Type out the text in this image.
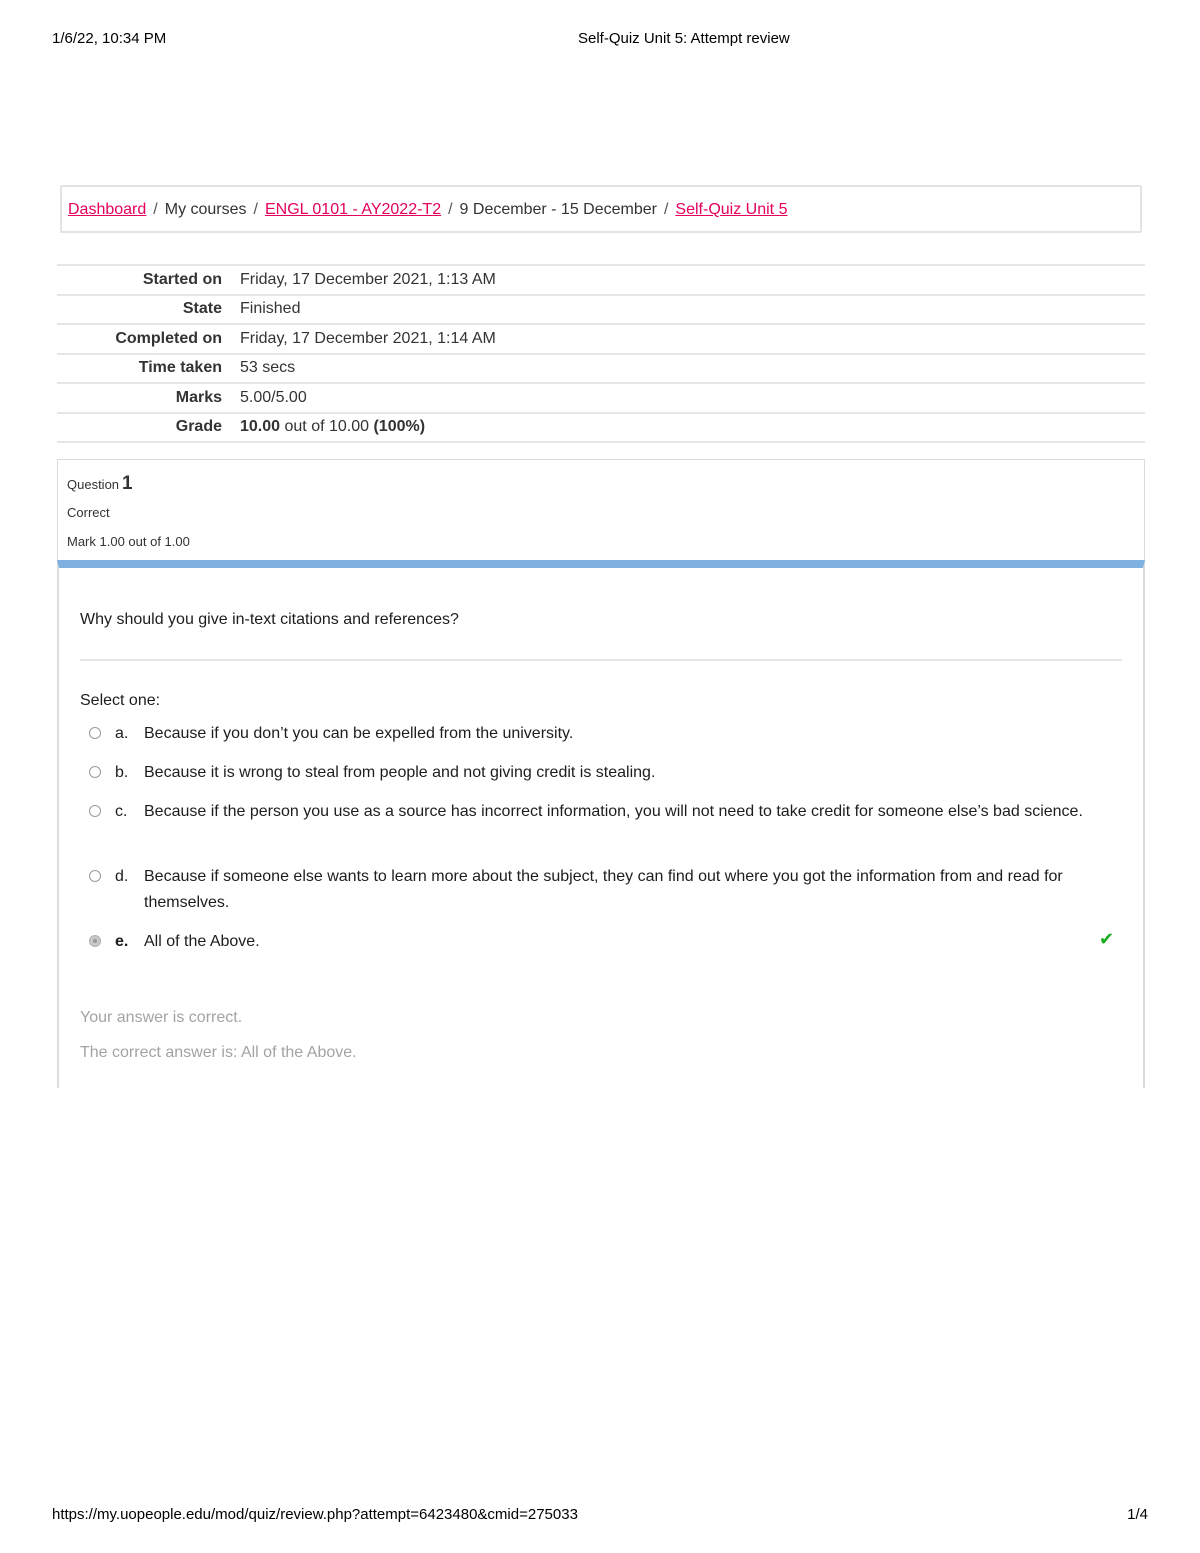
1/6/22, 10:34 PM	Self-Quiz Unit 5: Attempt review
Dashboard / My courses / ENGL 0101 - AY2022-T2 / 9 December - 15 December / Self-Quiz Unit 5
Started on	Friday, 17 December 2021, 1:13 AM
State	Finished
Completed on	Friday, 17 December 2021, 1:14 AM
Time taken	53 secs
Marks	5.00/5.00
Grade	10.00 out of 10.00 (100%)
Question 1
Correct
Mark 1.00 out of 1.00
Why should you give in-text citations and references?
Select one:
a. Because if you don’t you can be expelled from the university.
b. Because it is wrong to steal from people and not giving credit is stealing.
c. Because if the person you use as a source has incorrect information, you will not need to take credit for someone else’s bad science.
d. Because if someone else wants to learn more about the subject, they can find out where you got the information from and read for themselves.
e. All of the Above.	✔
Your answer is correct.
The correct answer is: All of the Above.
https://my.uopeople.edu/mod/quiz/review.php?attempt=6423480&cmid=275033	1/4
